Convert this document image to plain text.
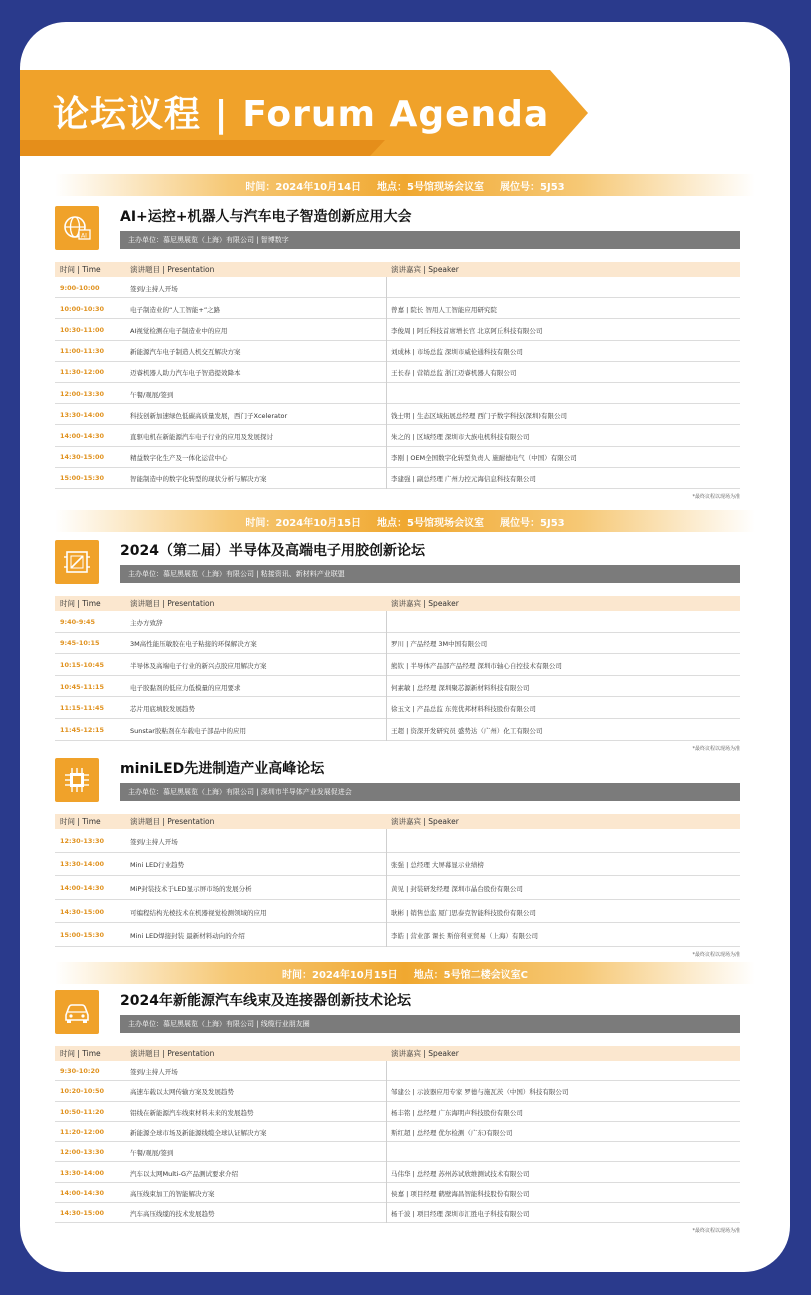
论坛议程 | Forum Agenda
时间：2024年10月14日 地点：5号馆现场会议室 展位号：5J53
时间：2024年10月15日 地点：5号馆现场会议室 展位号：5J53
时间：2024年10月15日 地点：5号馆二楼会议室C
AI
AI+运控+机器人与汽车电子智造创新应用大会
主办单位：慕尼黑展览（上海）有限公司 | 智博数字
时间 | Time	演讲题目 | Presentation	演讲嘉宾 | Speaker
9:00-10:00	签到/主持人开场
10:00-10:30	电子制造业的“人工智能+”之路	曾嘉 | 院长 智用人工智能应用研究院
10:30-11:00	AI视觉检测在电子制造业中的应用	李俊周 | 阿丘科技首席增长官 北京阿丘科技有限公司
11:00-11:30	新能源汽车电子制造人机交互解决方案	刘成林 | 市场总监 深圳市威伦通科技有限公司
11:30-12:00	迈睿机器人助力汽车电子智造提效降本	王长春 | 营销总监 浙江迈睿机器人有限公司
12:00-13:30	午餐/观展/签到
13:30-14:00	科技创新加速绿色低碳高质量发展，西门子Xcelerator	钱士明 | 生态区域拓展总经理 西门子数字科技(深圳)有限公司
14:00-14:30	直驱电机在新能源汽车电子行业的应用及发展探讨	朱之的 | 区域经理 深圳市大族电机科技有限公司
14:30-15:00	精益数字化生产及一体化运营中心	李刚 | OEM全国数字化转型负责人 施耐德电气（中国）有限公司
15:00-15:30	智能制造中的数字化转型的现状分析与解决方案	李建强 | 副总经理 广州力控元海信息科技有限公司
*最终议程以现场为准
2024（第二届）半导体及高端电子用胶创新论坛
主办单位：慕尼黑展览（上海）有限公司 | 粘接资讯、新材料产业联盟
时间 | Time	演讲题目 | Presentation	演讲嘉宾 | Speaker
9:40-9:45	主办方致辞
9:45-10:15	3M高性能压敏胶在电子粘接的环保解决方案	罗川 | 产品经理 3M中国有限公司
10:15-10:45	半导体及高端电子行业的新兴点胶应用解决方案	熊钦 | 半导体产品部产品经理 深圳市轴心自控技术有限公司
10:45-11:15	电子胶黏剂的低应力低模量的应用要求	何素敏 | 总经理 深圳聚芯源新材料科技有限公司
11:15-11:45	芯片用底填胶发展趋势	徐玉文 | 产品总监 东莞优邦材料科技股份有限公司
11:45-12:15	Sunstar胶粘剂在车载电子部品中的应用	王超 | 资深开发研究员 盛势达（广州）化工有限公司
*最终议程以现场为准
miniLED先进制造产业高峰论坛
主办单位：慕尼黑展览（上海）有限公司 | 深圳市半导体产业发展促进会
时间 | Time	演讲题目 | Presentation	演讲嘉宾 | Speaker
12:30-13:30	签到/主持人开场
13:30-14:00	Mini LED行业趋势	张强 | 总经理 大屏幕显示业绩榜
14:00-14:30	MiP封装技术于LED显示屏市场的发展分析	黄见 | 封装研发经理 深圳市晶台股份有限公司
14:30-15:00	可编程结构光棱技术在机器视觉检测领域的应用	耿彬 | 销售总监 厦门思泰克智能科技股份有限公司
15:00-15:30	Mini LED焊接封装 最新材料动向的介绍	李皓 | 营业部 课长 斯倍利亚贸易（上海）有限公司
*最终议程以现场为准
2024年新能源汽车线束及连接器创新技术论坛
主办单位：慕尼黑展览（上海）有限公司 | 线缆行业朋友圈
时间 | Time	演讲题目 | Presentation	演讲嘉宾 | Speaker
9:30-10:20	签到/主持人开场
10:20-10:50	高速车载以太网传输方案及发展趋势	邹建公 | 示波器应用专家 罗德与施瓦茨（中国）科技有限公司
10:50-11:20	铝线在新能源汽车线束材料未来的发展趋势	杨丰铭 | 总经理 广东海明声科技股份有限公司
11:20-12:00	新能源全球市场及新能源线缆全球认证解决方案	斯红超 | 总经理 优尔检测（广东)有限公司
12:00-13:30	午餐/观展/签到
13:30-14:00	汽车以太网Multi-G产品测试要求介绍	马伟华 | 总经理 苏州苏试欣维测试技术有限公司
14:00-14:30	高压线束加工的智能解决方案	侯嘉 | 项目经理 鹤壁海昌智能科技股份有限公司
14:30-15:00	汽车高压线缆的技术发展趋势	杨千波 | 项目经理 深圳市汇胜电子科技有限公司
*最终议程以现场为准
